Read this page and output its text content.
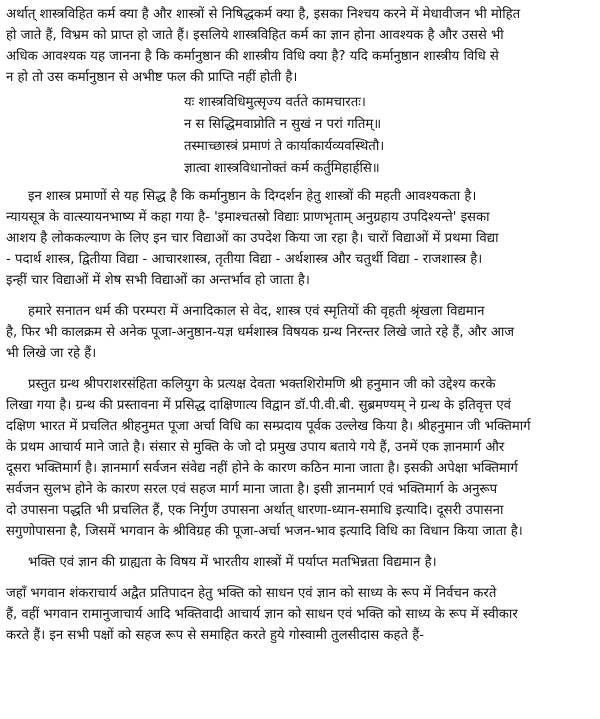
अर्थात् शास्त्रविहित कर्म क्या है और शास्त्रों से निषिद्धकर्म क्या है, इसका निश्चय करने में मेधावीजन भी मोहित
हो जाते हैं, विभ्रम को प्राप्त हो जाते हैं। इसलिये शास्त्रविहित कर्म का ज्ञान होना आवश्यक है और उससे भी
अधिक आवश्यक यह जानना है कि कर्मानुष्ठान की शास्त्रीय विधि क्या है? यदि कर्मानुष्ठान शास्त्रीय विधि से
न हो तो उस कर्मानुष्ठान से अभीष्ट फल की प्राप्ति नहीं होती है।

यः शास्त्रविधिमुत्सृज्य वर्तते कामचारतः।
न स सिद्धिमवाप्नोति न सुखं न परां गतिम्॥
तस्माच्छास्त्रं प्रमाणं ते कार्याकार्यव्यवस्थितौ।
ज्ञात्वा शास्त्रविधानोक्तं कर्म कर्तुमिहार्हसि॥

इन शास्त्र प्रमाणों से यह सिद्ध है कि कर्मानुष्ठान के दिग्दर्शन हेतु शास्त्रों की महती आवश्यकता है।
न्यायसूत्र के वात्स्यायनभाष्य में कहा गया है- 'इमाश्चतस्रो विद्याः प्राणभृताम् अनुग्रहाय उपदिश्यन्ते' इसका
आशय है लोककल्याण के लिए इन चार विद्याओं का उपदेश किया जा रहा है। चारों विद्याओं में प्रथमा विद्या
- पदार्थ शास्त्र, द्वितीया विद्या - आचारशास्त्र, तृतीया विद्या - अर्थशास्त्र और चतुर्थी विद्या - राजशास्त्र है।
इन्हीं चार विद्याओं में शेष सभी विद्याओं का अन्तर्भाव हो जाता है।

हमारे सनातन धर्म की परम्परा में अनादिकाल से वेद, शास्त्र एवं स्मृतियों की वृहती श्रृंखला विद्यमान
है, फिर भी कालक्रम से अनेक पूजा-अनुष्ठान-यज्ञ धर्मशास्त्र विषयक ग्रन्थ निरन्तर लिखे जाते रहे हैं, और आज
भी लिखे जा रहे हैं।

प्रस्तुत ग्रन्थ श्रीपराशरसंहिता कलियुग के प्रत्यक्ष देवता भक्तशिरोमणि श्री हनुमान जी को उद्देश्य करके
लिखा गया है। ग्रन्थ की प्रस्तावना में प्रसिद्ध दाक्षिणात्य विद्वान डॉ.पी.वी.बी. सुब्रमण्यम् ने ग्रन्थ के इतिवृत्त एवं
दक्षिण भारत में प्रचलित श्रीहनुमत पूजा अर्चा विधि का सम्प्रदाय पूर्वक उल्लेख किया है। श्रीहनुमान जी भक्तिमार्ग
के प्रथम आचार्य माने जाते है। संसार से मुक्ति के जो दो प्रमुख उपाय बताये गये हैं, उनमें एक ज्ञानमार्ग और
दूसरा भक्तिमार्ग है। ज्ञानमार्ग सर्वजन संवेद्य नहीं होने के कारण कठिन माना जाता है। इसकी अपेक्षा भक्तिमार्ग
सर्वजन सुलभ होने के कारण सरल एवं सहज मार्ग माना जाता है। इसी ज्ञानमार्ग एवं भक्तिमार्ग के अनुरूप
दो उपासना पद्धति भी प्रचलित हैं, एक निर्गुण उपासना अर्थात् धारणा-ध्यान-समाधि इत्यादि। दूसरी उपासना
सगुणोपासना है, जिसमें भगवान के श्रीविग्रह की पूजा-अर्चा भजन-भाव इत्यादि विधि का विधान किया जाता है।

भक्ति एवं ज्ञान की ग्राह्यता के विषय में भारतीय शास्त्रों में पर्याप्त मतभिन्नता विद्यमान है।

जहाँ भगवान शंकराचार्य अद्वैत प्रतिपादन हेतु भक्ति को साधन एवं ज्ञान को साध्य के रूप में निर्वचन करते
हैं, वहीं भगवान रामानुजाचार्य आदि भक्तिवादी आचार्य ज्ञान को साधन एवं भक्ति को साध्य के रूप में स्वीकार
करते हैं। इन सभी पक्षों को सहज रूप से समाहित करते हुये गोस्वामी तुलसीदास कहते हैं-
